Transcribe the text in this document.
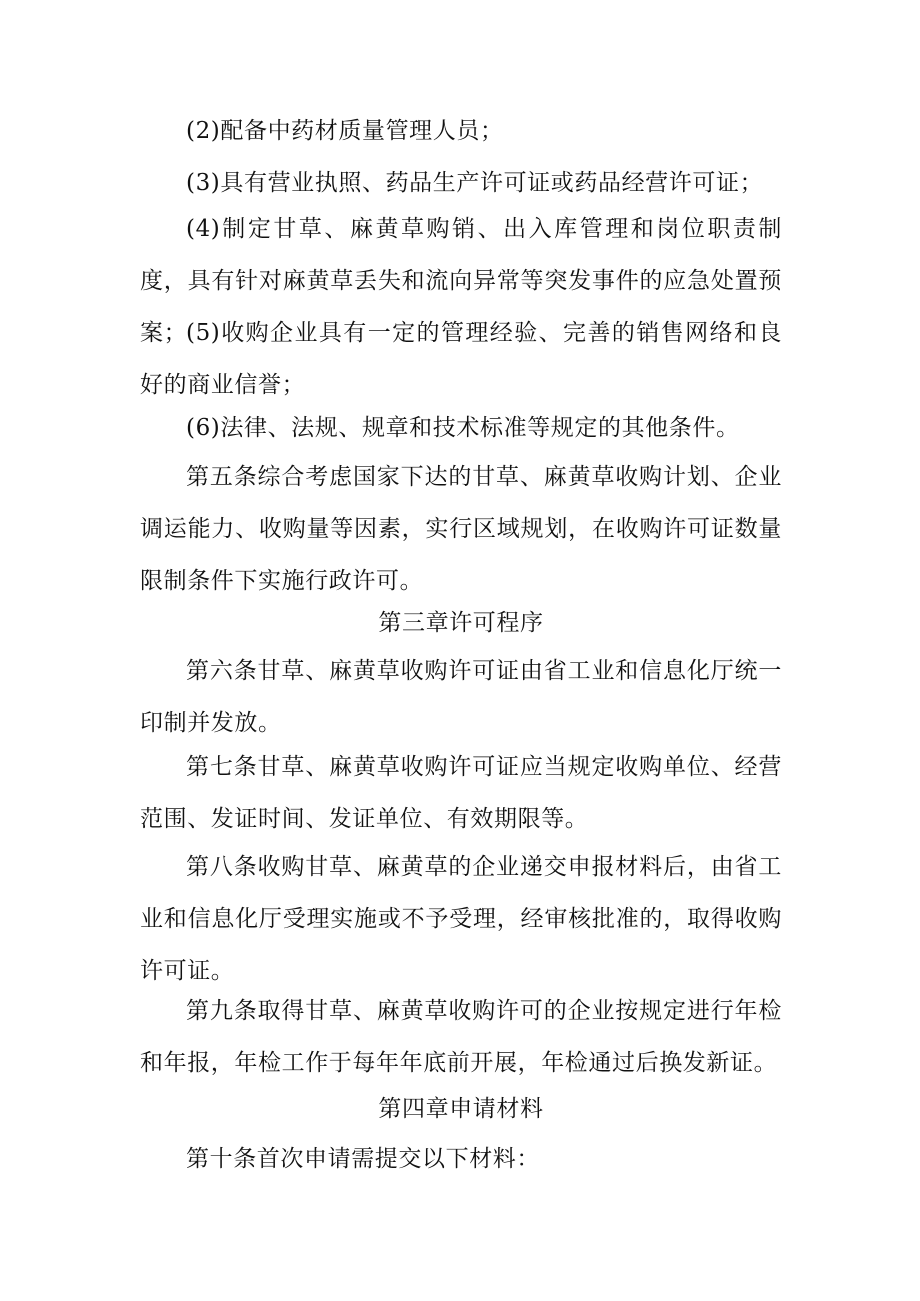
(2)配备中药材质量管理人员；

(3)具有营业执照、药品生产许可证或药品经营许可证；

(4)制定甘草、麻黄草购销、出入库管理和岗位职责制度，具有针对麻黄草丢失和流向异常等突发事件的应急处置预案；

(5)收购企业具有一定的管理经验、完善的销售网络和良好的商业信誉；

(6)法律、法规、规章和技术标准等规定的其他条件。

第五条综合考虑国家下达的甘草、麻黄草收购计划、企业调运能力、收购量等因素，实行区域规划，在收购许可证数量限制条件下实施行政许可。

第三章许可程序

第六条甘草、麻黄草收购许可证由省工业和信息化厅统一印制并发放。

第七条甘草、麻黄草收购许可证应当规定收购单位、经营范围、发证时间、发证单位、有效期限等。

第八条收购甘草、麻黄草的企业递交申报材料后，由省工业和信息化厅受理实施或不予受理，经审核批准的，取得收购许可证。

第九条取得甘草、麻黄草收购许可的企业按规定进行年检和年报，年检工作于每年年底前开展，年检通过后换发新证。

第四章申请材料

第十条首次申请需提交以下材料：
